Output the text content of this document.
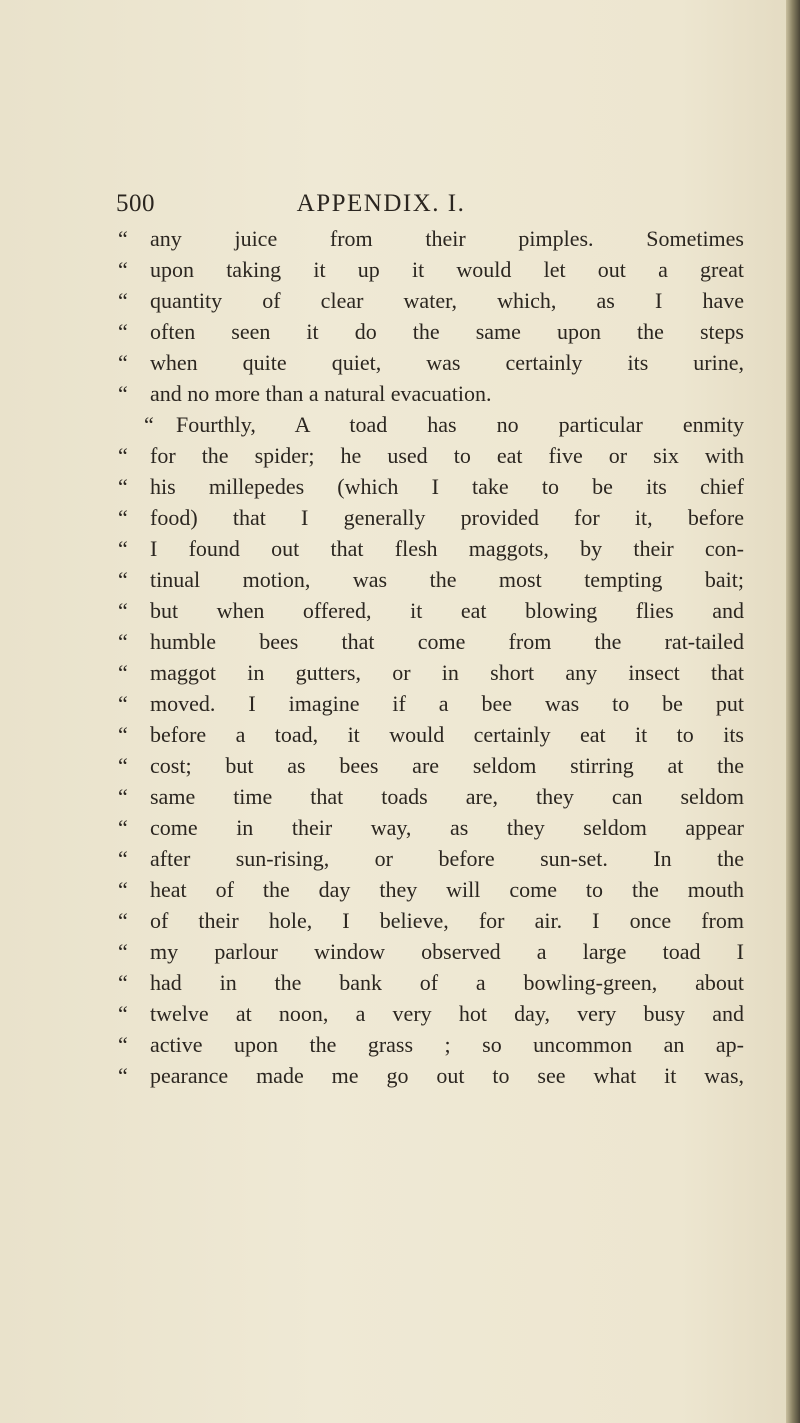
500	APPENDIX. I.
“	any juice from their pimples. Sometimes
“	upon taking it up it would let out a great
“	quantity of clear water, which, as I have
“	often seen it do the same upon the steps
“	when quite quiet, was certainly its urine,
“	and no more than a natural evacuation.
“	Fourthly, A toad has no particular enmity
“	for the spider; he used to eat five or six with
“	his millepedes (which I take to be its chief
“	food) that I generally provided for it, before
“	I found out that flesh maggots, by their con-
“	tinual motion, was the most tempting bait;
“	but when offered, it eat blowing flies and
“	humble bees that come from the rat-tailed
“	maggot in gutters, or in short any insect that
“	moved. I imagine if a bee was to be put
“	before a toad, it would certainly eat it to its
“	cost; but as bees are seldom stirring at the
“	same time that toads are, they can seldom
“	come in their way, as they seldom appear
“	after sun-rising, or before sun-set. In the
“	heat of the day they will come to the mouth
“	of their hole, I believe, for air. I once from
“	my parlour window observed a large toad I
“	had in the bank of a bowling-green, about
“	twelve at noon, a very hot day, very busy and
“	active upon the grass ; so uncommon an ap-
“	pearance made me go out to see what it was,
